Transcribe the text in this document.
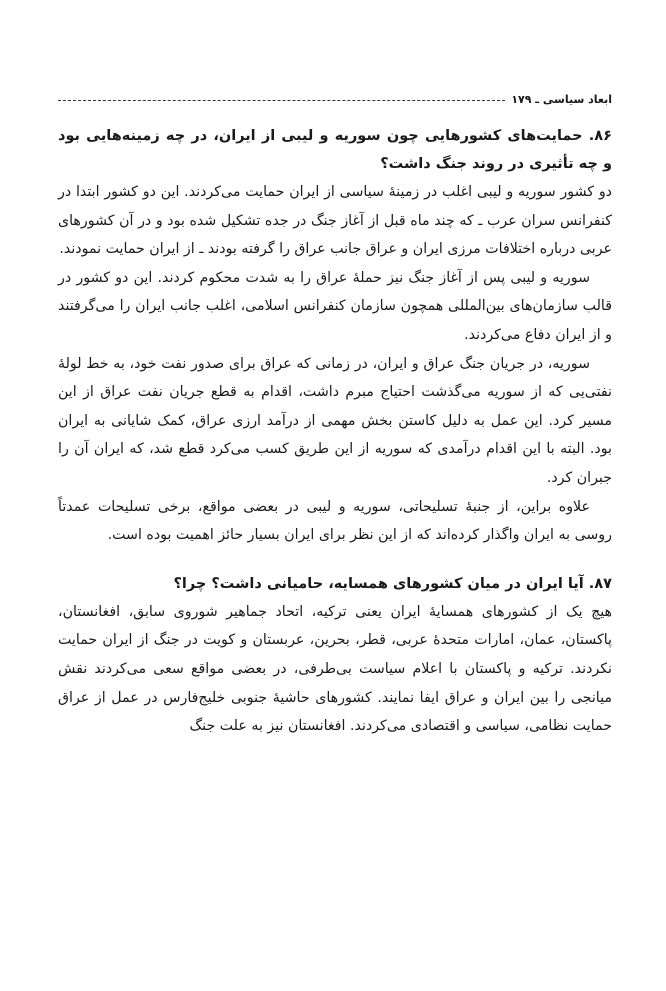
ابعاد سیاسی ـ ۱۷۹

۸۶. حمایت‌های کشورهایی چون سوریه و لیبی از ایران، در چه زمینه‌هایی بود و چه تأثیری در روند جنگ داشت؟

دو کشور سوریه و لیبی اغلب در زمینهٔ سیاسی از ایران حمایت می‌کردند. این دو کشور ابتدا در کنفرانس سران عرب ـ که چند ماه قبل از آغاز جنگ در جده تشکیل شده بود و در آن کشورهای عربی درباره اختلافات مرزی ایران و عراق جانب عراق را گرفته بودند ـ از ایران حمایت نمودند.

سوریه و لیبی پس از آغاز جنگ نیز حملهٔ عراق را به شدت محکوم کردند. این دو کشور در قالب سازمان‌های بین‌المللی همچون سازمان کنفرانس اسلامی، اغلب جانب ایران را می‌گرفتند و از ایران دفاع می‌کردند.

سوریه، در جریان جنگ عراق و ایران، در زمانی که عراق برای صدور نفت خود، به خط لولهٔ نفتی‌یی که از سوریه می‌گذشت احتیاج مبرم داشت، اقدام به قطع جریان نفت عراق از این مسیر کرد. این عمل به دلیل کاستن بخش مهمی از درآمد ارزی عراق، کمک شایانی به ایران بود. البته با این اقدام درآمدی که سوریه از این طریق کسب می‌کرد قطع شد، که ایران آن را جبران کرد.

علاوه براین، از جنبهٔ تسلیحاتی، سوریه و لیبی در بعضی مواقع، برخی تسلیحات عمدتاً روسی به ایران واگذار کرده‌اند که از این نظر برای ایران بسیار حائز اهمیت بوده است.

۸۷. آیا ایران در میان کشورهای همسایه، حامیانی داشت؟ چرا؟

هیچ یک از کشورهای همسایهٔ ایران یعنی ترکیه، اتحاد جماهیر شوروی سابق، افغانستان، پاکستان، عمان، امارات متحدهٔ عربی، قطر، بحرین، عربستان و کویت در جنگ از ایران حمایت نکردند. ترکیه و پاکستان با اعلام سیاست بی‌طرفی، در بعضی مواقع سعی می‌کردند نقش میانجی را بین ایران و عراق ایفا نمایند. کشورهای حاشیهٔ جنوبی خلیج‌فارس در عمل از عراق حمایت نظامی، سیاسی و اقتصادی می‌کردند. افغانستان نیز به علت جنگ
